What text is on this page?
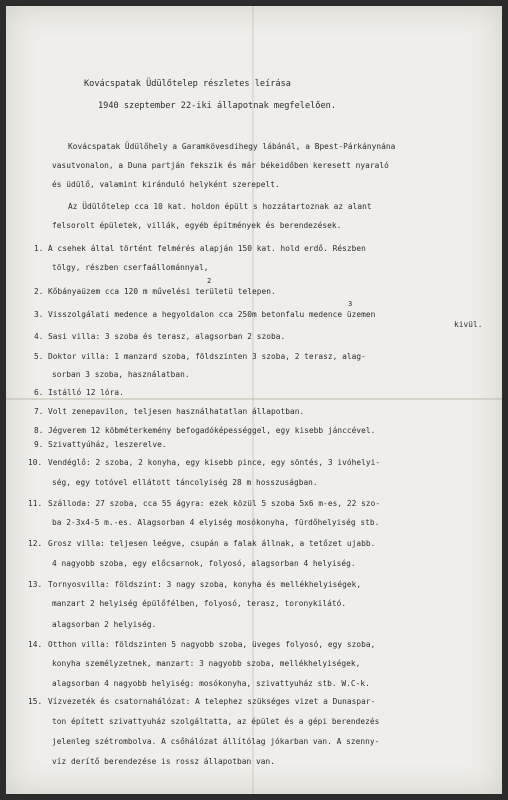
Kovácspatak Üdülőtelep részletes leírása
1940 szeptember 22-iki állapotnak megfelelően.
Kovácspatak Üdülőhely a Garamkövesdihegy lábánál, a Bpest-Párkánynána
vasutvonalon, a Duna partján fekszik és már békeidőben keresett nyaraló
és üdülő, valamint kiránduló helyként szerepelt.
Az Üdülőtelep cca 10 kat. holdon épült s hozzátartoznak az alant
felsorolt épületek, villák, egyéb építmények és berendezések.
1. A csehek által történt felmérés alapján 150 kat. hold erdő. Részben
tölgy, részben cserfaállománnyal,
2
2. Kőbányaüzem cca 120 m művelési területü telepen.
3
3. Visszolgálati medence a hegyoldalon cca 250m betonfalu medence üzemen
kivül.
4. Sasi villa: 3 szoba és terasz, alagsorban 2 szoba.
5. Doktor villa: 1 manzard szoba, földszinten 3 szoba, 2 terasz, alag-
sorban 3 szoba, használatban.
6. Istálló 12 lóra.
7. Volt zenepavilon, teljesen használhatatlan állapotban.
8. Jégverem 12 köbméterkemény befogadóképességgel, egy kisebb jánccével.
9. Szivattyúház, leszerelve.
10. Vendéglő: 2 szoba, 2 konyha, egy kisebb pince, egy söntés, 3 ivóhelyi-
ség, egy totóvel ellátott táncolyiség 28 m hosszuságban.
11. Szálloda: 27 szoba, cca 55 ágyra: ezek közül 5 szoba 5x6 m-es, 22 szo-
ba 2-3x4-5 m.-es. Alagsorban 4 elyiség mosókonyha, fürdőhelyiség stb.
12. Grosz villa: teljesen leégve, csupán a falak állnak, a tetőzet ujabb.
4 nagyobb szoba, egy előcsarnok, folyosó, alagsorban 4 helyiség.
13. Tornyosvilla: földszint: 3 nagy szoba, konyha és mellékhelyiségek,
manzart 2 helyiség épülőfélben, folyosó, terasz, toronykilátó.
alagsorban 2 helyiség.
14. Otthon villa: földszinten 5 nagyobb szoba, üveges folyosó, egy szoba,
konyha személyzetnek, manzart: 3 nagyobb szoba, mellékhelyiségek,
alagsorban 4 nagyobb helyiség: mosókonyha, szivattyuház stb. W.C-k.
15. Vízvezeték és csatornahálózat: A telephez szükséges vizet a Dunaspar-
ton épített szivattyuház szolgáltatta, az épület és a gépi berendezés
jelenleg szétrombolva. A csőhálózat állítólag jókarban van. A szenny-
víz derítő berendezése is rossz állapotban van.
